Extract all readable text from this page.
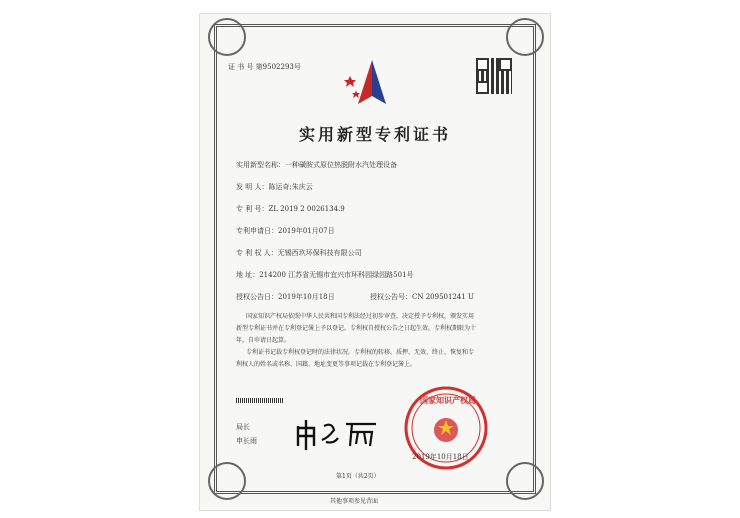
证 书 号 第9502293号
实用新型专利证书
实用新型名称：一种磺胺式原位热脱附水汽处理设备
发 明 人：陈运奇;朱庆云
专 利 号：ZL 2019 2 0026134.9
专利申请日：2019年01月07日
专 利 权 人：无锡西玖环保科技有限公司
地 址：214200 江苏省无锡市宜兴市环科园绿园路501号
授权公告日：2019年10月18日	授权公告号：CN 209501241 U
国家知识产权局依照中华人民共和国专利法经过初步审查，决定授予专利权，颁发实用
新型专利证书并在专利登记簿上予以登记。专利权自授权公告之日起生效。专利权期限为十
年，自申请日起算。
专利证书记载专利权登记时的法律状况。专利权的转移、质押、无效、终止、恢复和专
利权人的姓名或名称、国籍、地址变更等事项记载在专利登记簿上。
局长
申长雨
国家知识产权局
2019年10月18日
第1页（共2页）
其他事项参见背面
